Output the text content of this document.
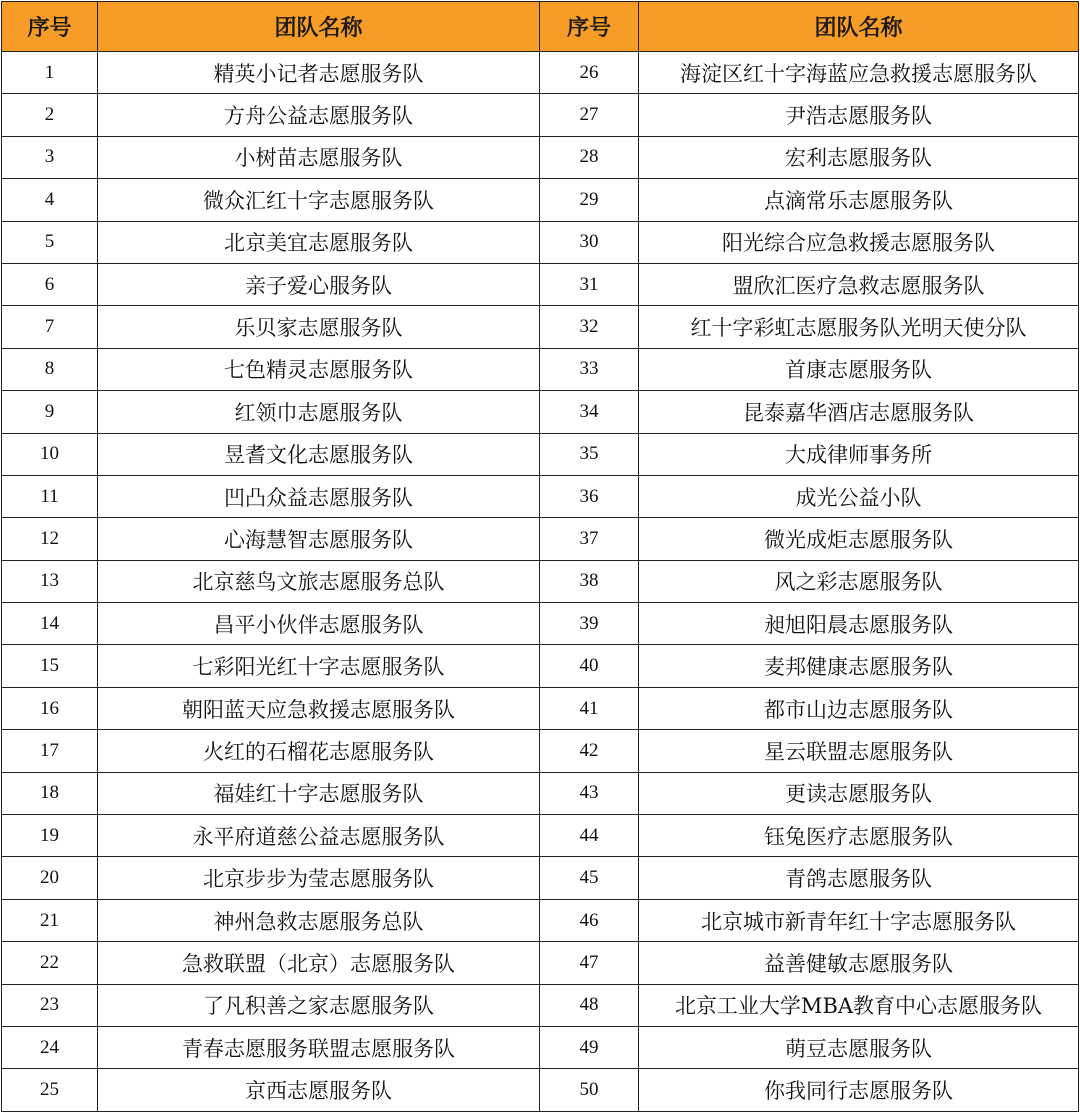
序号	团队名称	序号	团队名称
1	精英小记者志愿服务队	26	海淀区红十字海蓝应急救援志愿服务队
2	方舟公益志愿服务队	27	尹浩志愿服务队
3	小树苗志愿服务队	28	宏利志愿服务队
4	微众汇红十字志愿服务队	29	点滴常乐志愿服务队
5	北京美宜志愿服务队	30	阳光综合应急救援志愿服务队
6	亲子爱心服务队	31	盟欣汇医疗急救志愿服务队
7	乐贝家志愿服务队	32	红十字彩虹志愿服务队光明天使分队
8	七色精灵志愿服务队	33	首康志愿服务队
9	红领巾志愿服务队	34	昆泰嘉华酒店志愿服务队
10	昱耆文化志愿服务队	35	大成律师事务所
11	凹凸众益志愿服务队	36	成光公益小队
12	心海慧智志愿服务队	37	微光成炬志愿服务队
13	北京慈鸟文旅志愿服务总队	38	风之彩志愿服务队
14	昌平小伙伴志愿服务队	39	昶旭阳晨志愿服务队
15	七彩阳光红十字志愿服务队	40	麦邦健康志愿服务队
16	朝阳蓝天应急救援志愿服务队	41	都市山边志愿服务队
17	火红的石榴花志愿服务队	42	星云联盟志愿服务队
18	福娃红十字志愿服务队	43	更读志愿服务队
19	永平府道慈公益志愿服务队	44	钰兔医疗志愿服务队
20	北京步步为莹志愿服务队	45	青鸽志愿服务队
21	神州急救志愿服务总队	46	北京城市新青年红十字志愿服务队
22	急救联盟（北京）志愿服务队	47	益善健敏志愿服务队
23	了凡积善之家志愿服务队	48	北京工业大学MBA教育中心志愿服务队
24	青春志愿服务联盟志愿服务队	49	萌豆志愿服务队
25	京西志愿服务队	50	你我同行志愿服务队
